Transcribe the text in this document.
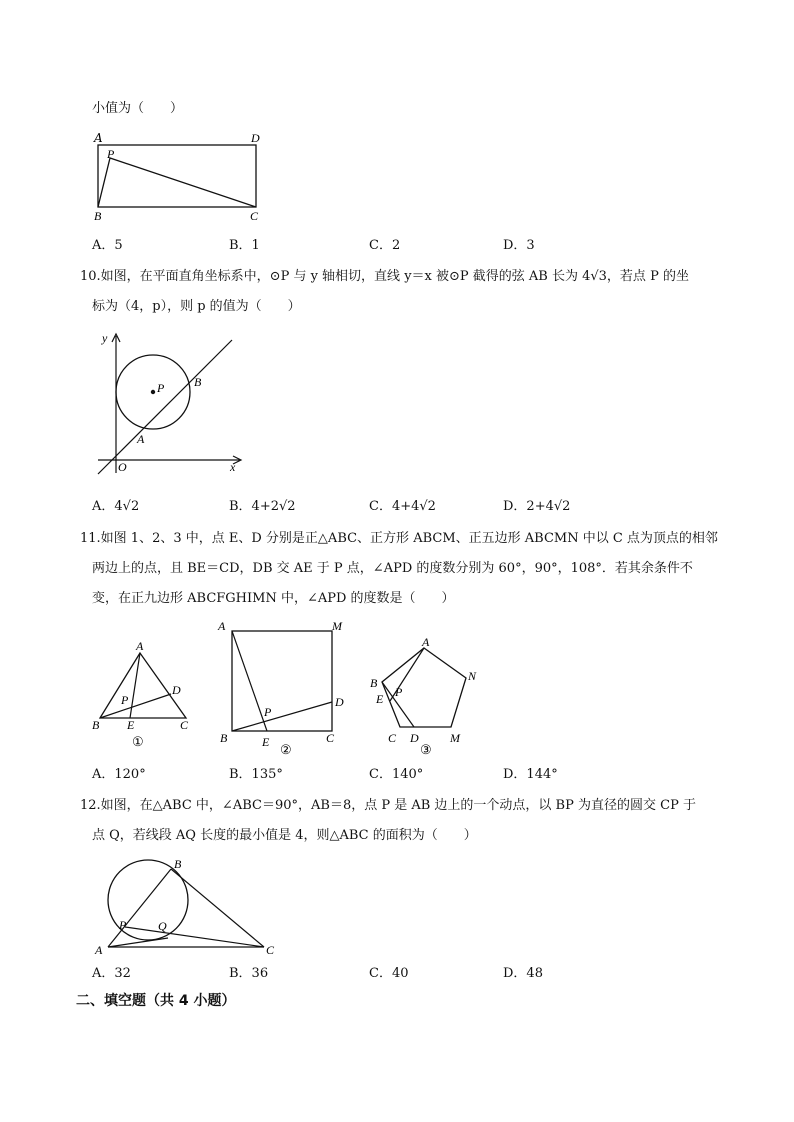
小值为（　　）
A	D
P
B	C
A．5	B．1	C．2	D．3
10.如图，在平面直角坐标系中，⊙P 与 y 轴相切，直线 y＝x 被⊙P 截得的弦 AB 长为 4√3，若点 P 的坐
标为（4，p），则 p 的值为（　　）
y
x
O
P
A
B
A．4√2	B．4+2√2	C．4+4√2	D．2+4√2
11.如图 1、2、3 中，点 E、D 分别是正△ABC、正方形 ABCM、正五边形 ABCMN 中以 C 点为顶点的相邻
两边上的点，且 BE＝CD，DB 交 AE 于 P 点，∠APD 的度数分别为 60°，90°，108°．若其余条件不
变，在正九边形 ABCFGHIMN 中，∠APD 的度数是（　　）
A
B	C
D
E
P
①
A	M
D
P
B	E	C
②
A
N
B
E P
C D	M
③
A．120°	B．135°	C．140°	D．144°
12.如图，在△ABC 中，∠ABC＝90°，AB＝8，点 P 是 AB 边上的一个动点，以 BP 为直径的圆交 CP 于
点 Q，若线段 AQ 长度的最小值是 4，则△ABC 的面积为（　　）
B
P	Q
A	C
A．32	B．36	C．40	D．48
二、填空题（共 4 小题）
